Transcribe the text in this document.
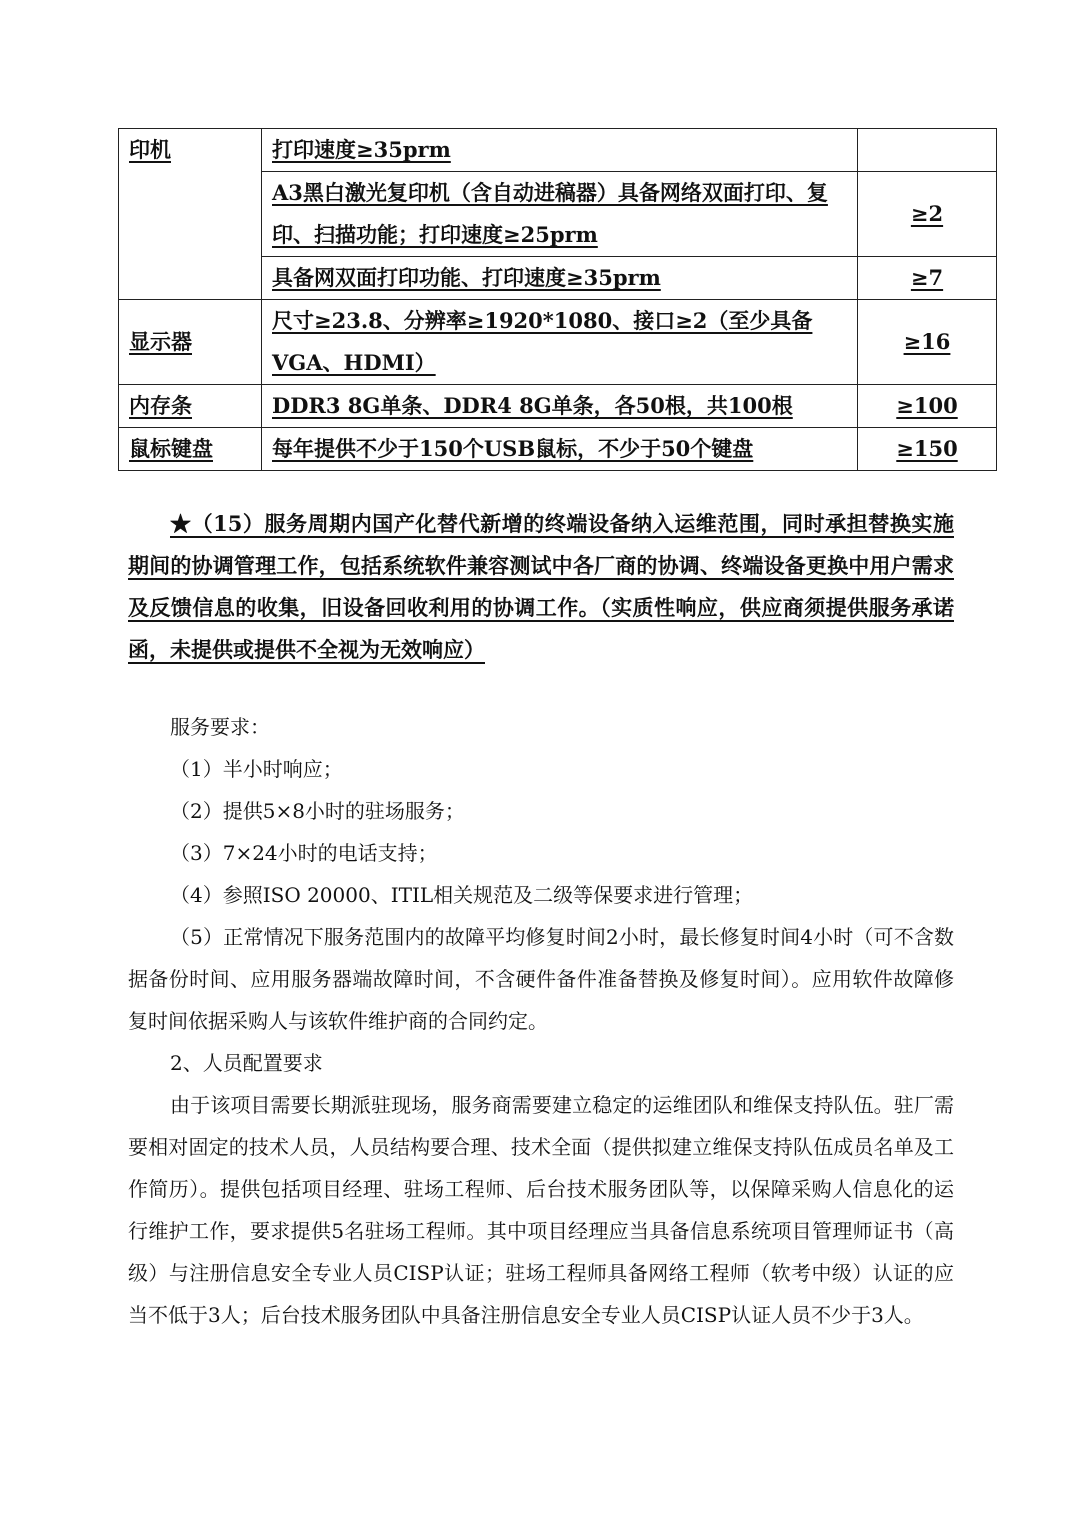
印机	打印速度≥35prm	
	A3黑白激光复印机（含自动进稿器）具备网络双面打印、复印、扫描功能；打印速度≥25prm	≥2
	具备网双面打印功能、打印速度≥35prm	≥7
显示器	尺寸≥23.8、分辨率≥1920*1080、接口≥2（至少具备VGA、HDMI）	≥16
内存条	DDR3 8G单条、DDR4 8G单条，各50根，共100根	≥100
鼠标键盘	每年提供不少于150个USB鼠标，不少于50个键盘	≥150
★（15）服务周期内国产化替代新增的终端设备纳入运维范围，同时承担替换实施期间的协调管理工作，包括系统软件兼容测试中各厂商的协调、终端设备更换中用户需求及反馈信息的收集，旧设备回收利用的协调工作。（实质性响应，供应商须提供服务承诺函，未提供或提供不全视为无效响应）
服务要求：
（1）半小时响应；
（2）提供5×8小时的驻场服务；
（3）7×24小时的电话支持；
（4）参照ISO 20000、ITIL相关规范及二级等保要求进行管理；
（5）正常情况下服务范围内的故障平均修复时间2小时，最长修复时间4小时（可不含数据备份时间、应用服务器端故障时间，不含硬件备件准备替换及修复时间）。应用软件故障修复时间依据采购人与该软件维护商的合同约定。
2、人员配置要求
由于该项目需要长期派驻现场，服务商需要建立稳定的运维团队和维保支持队伍。驻厂需要相对固定的技术人员，人员结构要合理、技术全面（提供拟建立维保支持队伍成员名单及工作简历）。提供包括项目经理、驻场工程师、后台技术服务团队等，以保障采购人信息化的运行维护工作，要求提供5名驻场工程师。其中项目经理应当具备信息系统项目管理师证书（高级）与注册信息安全专业人员CISP认证；驻场工程师具备网络工程师（软考中级）认证的应当不低于3人；后台技术服务团队中具备注册信息安全专业人员CISP认证人员不少于3人。
